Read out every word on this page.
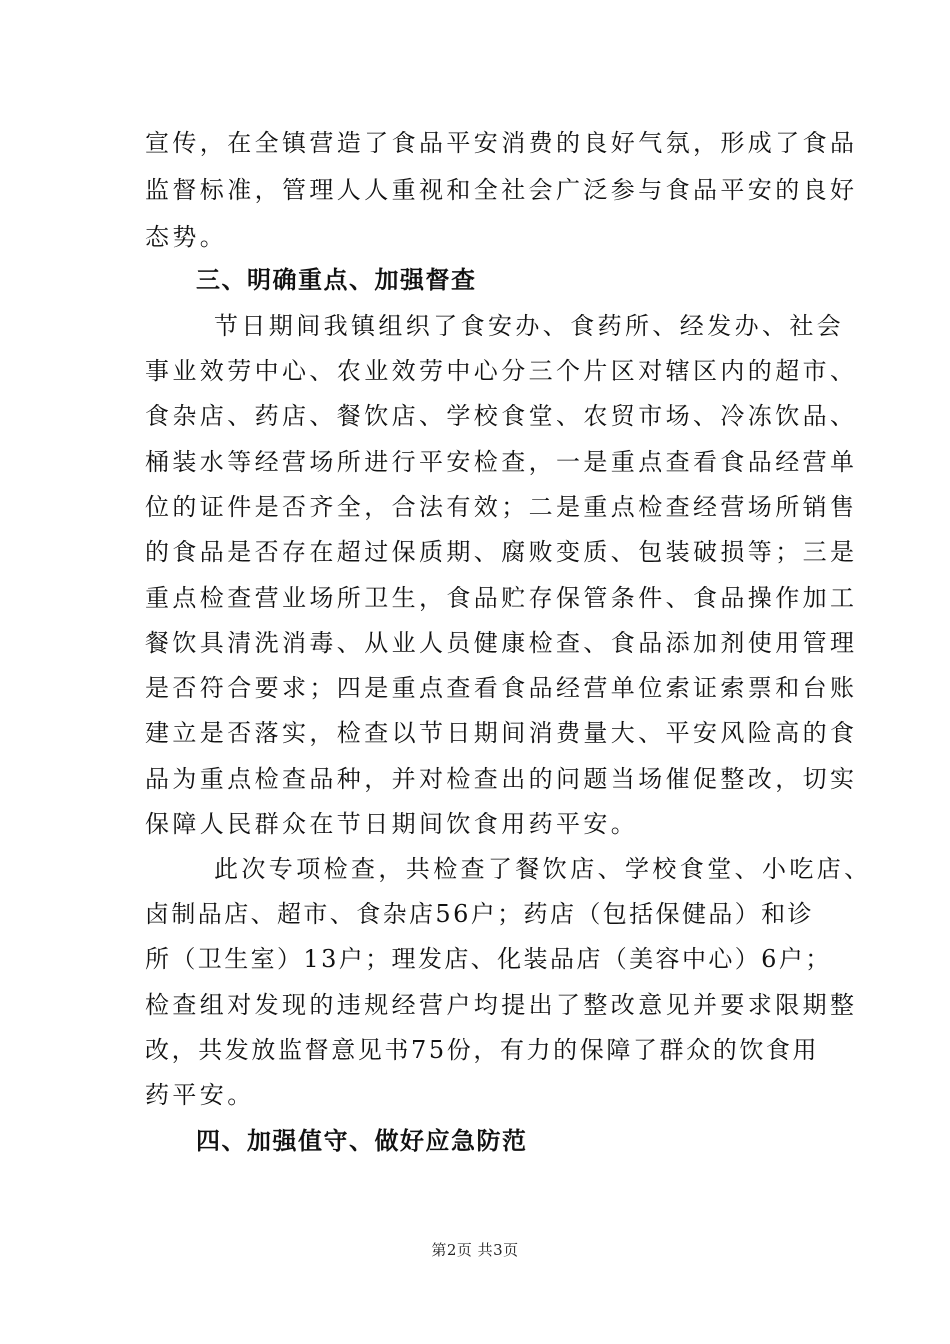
宣传，在全镇营造了食品平安消费的良好气氛，形成了食品
监督标准，管理人人重视和全社会广泛参与食品平安的良好
态势。
三、明确重点、加强督查
节日期间我镇组织了食安办、食药所、经发办、社会
事业效劳中心、农业效劳中心分三个片区对辖区内的超市、
食杂店、药店、餐饮店、学校食堂、农贸市场、冷冻饮品、
桶装水等经营场所进行平安检查，一是重点查看食品经营单
位的证件是否齐全，合法有效；二是重点检查经营场所销售
的食品是否存在超过保质期、腐败变质、包装破损等；三是
重点检查营业场所卫生，食品贮存保管条件、食品操作加工
餐饮具清洗消毒、从业人员健康检查、食品添加剂使用管理
是否符合要求；四是重点查看食品经营单位索证索票和台账
建立是否落实，检查以节日期间消费量大、平安风险高的食
品为重点检查品种，并对检查出的问题当场催促整改，切实
保障人民群众在节日期间饮食用药平安。
此次专项检查，共检查了餐饮店、学校食堂、小吃店、
卤制品店、超市、食杂店56户；药店（包括保健品）和诊
所（卫生室）13户；理发店、化装品店（美容中心）6户；
检查组对发现的违规经营户均提出了整改意见并要求限期整
改，共发放监督意见书75份，有力的保障了群众的饮食用
药平安。
四、加强值守、做好应急防范
第2页 共3页
